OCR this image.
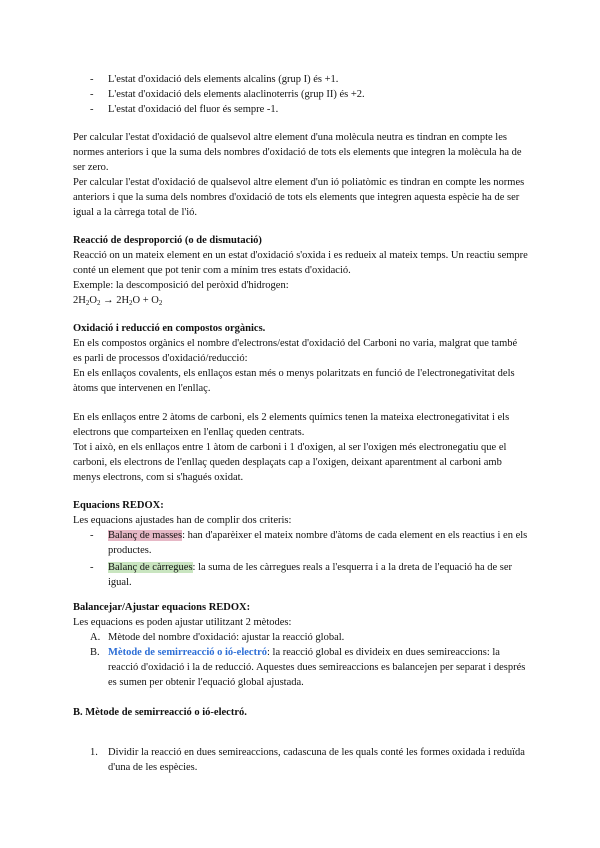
- L'estat d'oxidació dels elements alcalins (grup I) és +1.
- L'estat d'oxidació dels elements alaclinoterris (grup II) és +2.
- L'estat d'oxidació del fluor és sempre -1.

Per calcular l'estat d'oxidació de qualsevol altre element d'una molècula neutra es tindran en compte les normes anteriors i que la suma dels nombres d'oxidació de tots els elements que integren la molècula ha de ser zero.

Per calcular l'estat d'oxidació de qualsevol altre element d'un ió poliatòmic es tindran en compte les normes anteriors i que la suma dels nombres d'oxidació de tots els elements que integren aquesta espècie ha de ser igual a la càrrega total de l'ió.

Reacció de desproporció (o de dismutació)

Reacció on un mateix element en un estat d'oxidació s'oxida i es redueix al mateix temps. Un reactiu sempre conté un element que pot tenir com a mínim tres estats d'oxidació.

Exemple: la descomposició del peròxid d'hidrogen:

$2H_2O_2 \to 2H_2O + O_2$

Oxidació i reducció en compostos orgànics.

En els compostos orgànics el nombre d'electrons/estat d'oxidació del Carboni no varia, malgrat que també es parli de processos d'oxidació/reducció:

En els enllaços covalents, els enllaços estan més o menys polaritzats en funció de l'electronegativitat dels àtoms que intervenen en l'enllaç.

En els enllaços entre 2 àtoms de carboni, els 2 elements químics tenen la mateixa electronegativitat i els electrons que comparteixen en l'enllaç queden centrats.

Tot i això, en els enllaços entre 1 àtom de carboni i 1 d'oxigen, al ser l'oxigen més electronegatiu que el carboni, els electrons de l'enllaç queden desplaçats cap a l'oxigen, deixant aparentment al carboni amb menys electrons, com si s'hagués oxidat.

Equacions REDOX:

Les equacions ajustades han de complir dos criteris:

- Balanç de masses: han d'aparèixer el mateix nombre d'àtoms de cada element en els reactius i en els productes.
- Balanç de càrregues: la suma de les càrregues reals a l'esquerra i a la dreta de l'equació ha de ser igual.

Balancejar/Ajustar equacions REDOX:

Les equacions es poden ajustar utilitzant 2 mètodes:

A. Mètode del nombre d'oxidació: ajustar la reacció global.
B. Mètode de semirreacció o ió-electró: la reacció global es divideix en dues semireaccions: la reacció d'oxidació i la de reducció. Aquestes dues semireaccions es balancejen per separat i després es sumen per obtenir l'equació global ajustada.

B. Mètode de semirreacció o ió-electró.

1. Dividir la reacció en dues semireaccions, cadascuna de les quals conté les formes oxidada i reduïda d'una de les espècies.
